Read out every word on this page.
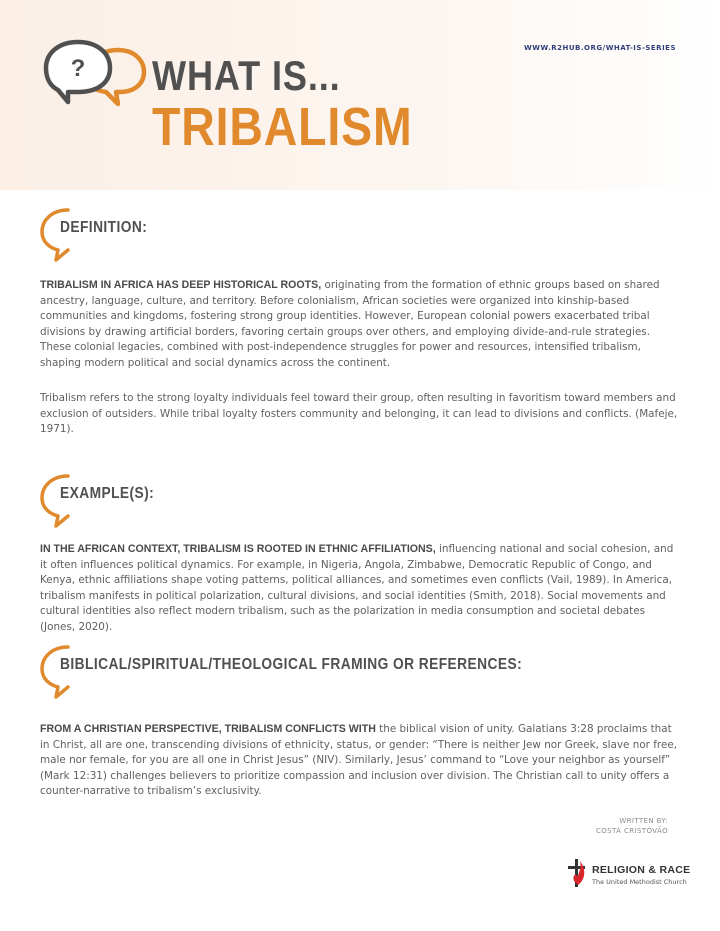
? WHAT IS...
TRIBALISM
WWW.R2HUB.ORG/WHAT-IS-SERIES
DEFINITION:

TRIBALISM IN AFRICA HAS DEEP HISTORICAL ROOTS, originating from the formation of ethnic groups based on shared ancestry, language, culture, and territory. Before colonialism, African societies were organized into kinship-based communities and kingdoms, fostering strong group identities. However, European colonial powers exacerbated tribal divisions by drawing artificial borders, favoring certain groups over others, and employing divide-and-rule strategies. These colonial legacies, combined with post-independence struggles for power and resources, intensified tribalism, shaping modern political and social dynamics across the continent.

Tribalism refers to the strong loyalty individuals feel toward their group, often resulting in favoritism toward members and exclusion of outsiders. While tribal loyalty fosters community and belonging, it can lead to divisions and conflicts. (Mafeje, 1971).

EXAMPLE(S):

IN THE AFRICAN CONTEXT, TRIBALISM IS ROOTED IN ETHNIC AFFILIATIONS, influencing national and social cohesion, and it often influences political dynamics. For example, in Nigeria, Angola, Zimbabwe, Democratic Republic of Congo, and Kenya, ethnic affiliations shape voting patterns, political alliances, and sometimes even conflicts (Vail, 1989). In America, tribalism manifests in political polarization, cultural divisions, and social identities (Smith, 2018). Social movements and cultural identities also reflect modern tribalism, such as the polarization in media consumption and societal debates (Jones, 2020).

BIBLICAL/SPIRITUAL/THEOLOGICAL FRAMING OR REFERENCES:

FROM A CHRISTIAN PERSPECTIVE, TRIBALISM CONFLICTS WITH the biblical vision of unity. Galatians 3:28 proclaims that in Christ, all are one, transcending divisions of ethnicity, status, or gender: “There is neither Jew nor Greek, slave nor free, male nor female, for you are all one in Christ Jesus” (NIV). Similarly, Jesus’ command to “Love your neighbor as yourself” (Mark 12:31) challenges believers to prioritize compassion and inclusion over division. The Christian call to unity offers a counter-narrative to tribalism’s exclusivity.

WRITTEN BY:
COSTA CRISTÓVÃO
RELIGION & RACE
The United Methodist Church
